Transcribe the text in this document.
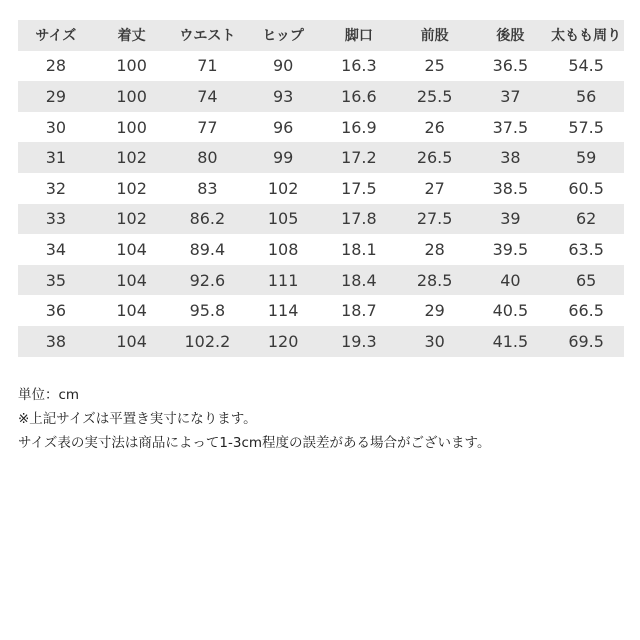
サイズ	着丈	ウエスト	ヒップ	脚口	前股	後股	太もも周り
28	100	71	90	16.3	25	36.5	54.5
29	100	74	93	16.6	25.5	37	56
30	100	77	96	16.9	26	37.5	57.5
31	102	80	99	17.2	26.5	38	59
32	102	83	102	17.5	27	38.5	60.5
33	102	86.2	105	17.8	27.5	39	62
34	104	89.4	108	18.1	28	39.5	63.5
35	104	92.6	111	18.4	28.5	40	65
36	104	95.8	114	18.7	29	40.5	66.5
38	104	102.2	120	19.3	30	41.5	69.5
単位：cm
※上記サイズは平置き実寸になります。
サイズ表の実寸法は商品によって1-3cm程度の誤差がある場合がございます。
